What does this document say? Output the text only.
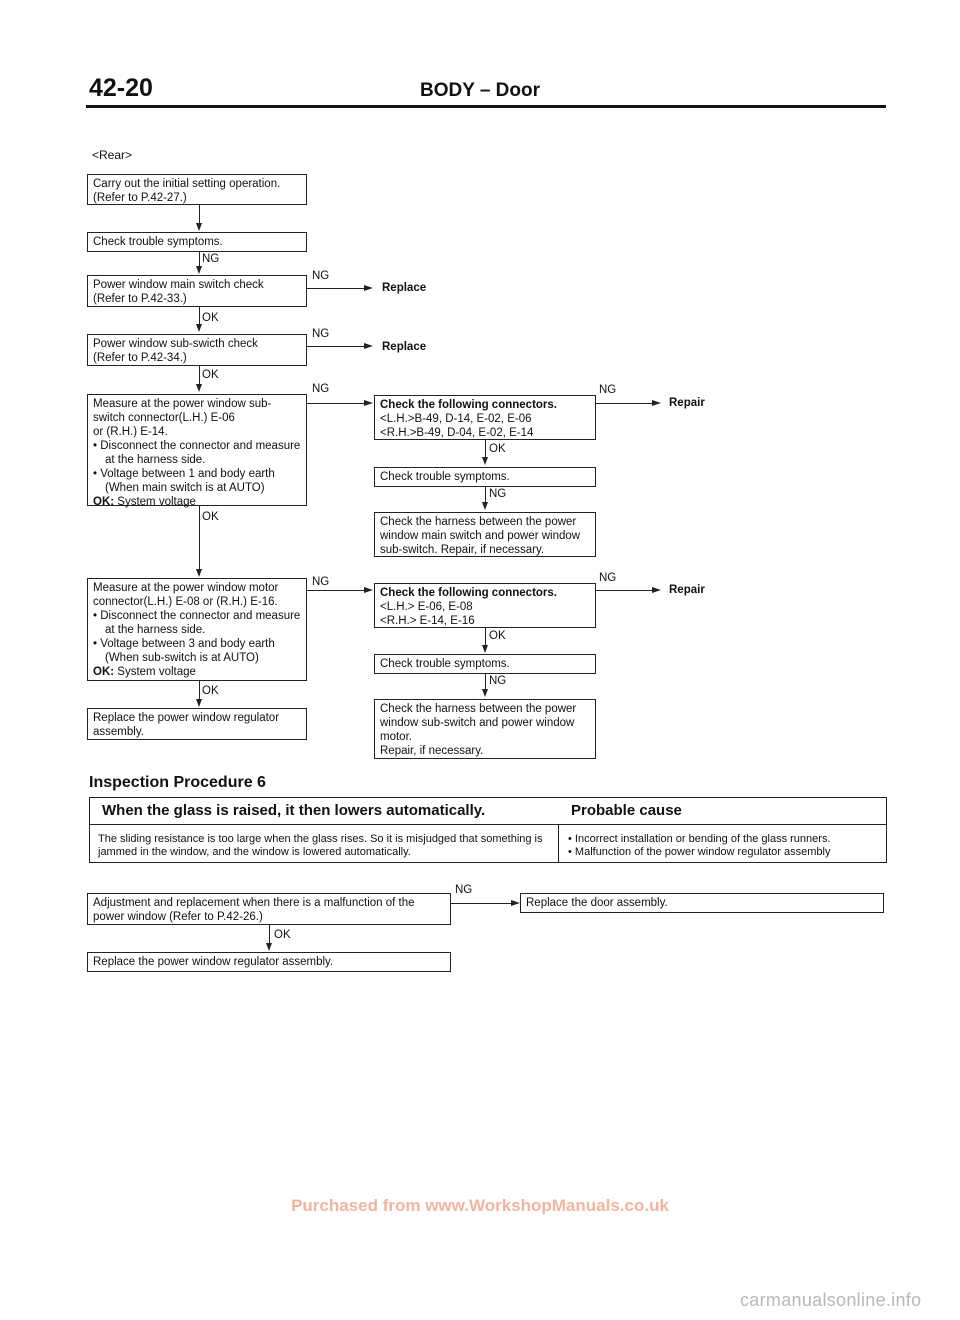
42-20	BODY – Door
<Rear>
Carry out the initial setting operation.
(Refer to P.42-27.)
Check trouble symptoms.
NG
Power window main switch check
(Refer to P.42-33.)
NG
Replace
OK
Power window sub-swicth check
(Refer to P.42-34.)
NG
Replace
OK
Measure at the power window sub-
switch connector(L.H.) E-06
or (R.H.) E-14.
• Disconnect the connector and measure at the harness side.
• Voltage between 1 and body earth (When main switch is at AUTO)
OK: System voltage
NG
OK
Measure at the power window motor
connector(L.H.) E-08 or (R.H.) E-16.
• Disconnect the connector and measure at the harness side.
• Voltage between 3 and body earth (When sub-switch is at AUTO)
OK: System voltage
NG
OK
Replace the power window regulator
assembly.
Check the following connectors.
<L.H.>B-49, D-14, E-02, E-06
<R.H.>B-49, D-04, E-02, E-14
NG
Repair
OK
Check trouble symptoms.
NG
Check the harness between the power
window main switch and power window
sub-switch. Repair, if necessary.
Check the following connectors.
<L.H.> E-06, E-08
<R.H.> E-14, E-16
NG
Repair
OK
Check trouble symptoms.
NG
Check the harness between the power
window sub-switch and power window
motor.
Repair, if necessary.
Inspection Procedure 6
When the glass is raised, it then lowers automatically.	Probable cause
The sliding resistance is too large when the glass rises. So it is misjudged that something is jammed in the window, and the window is lowered automatically.
• Incorrect installation or bending of the glass runners.
• Malfunction of the power window regulator assembly
Adjustment and replacement when there is a malfunction of the
power window (Refer to P.42-26.)
NG
Replace the door assembly.
OK
Replace the power window regulator assembly.
Purchased from www.WorkshopManuals.co.uk
carmanualsonline.info
